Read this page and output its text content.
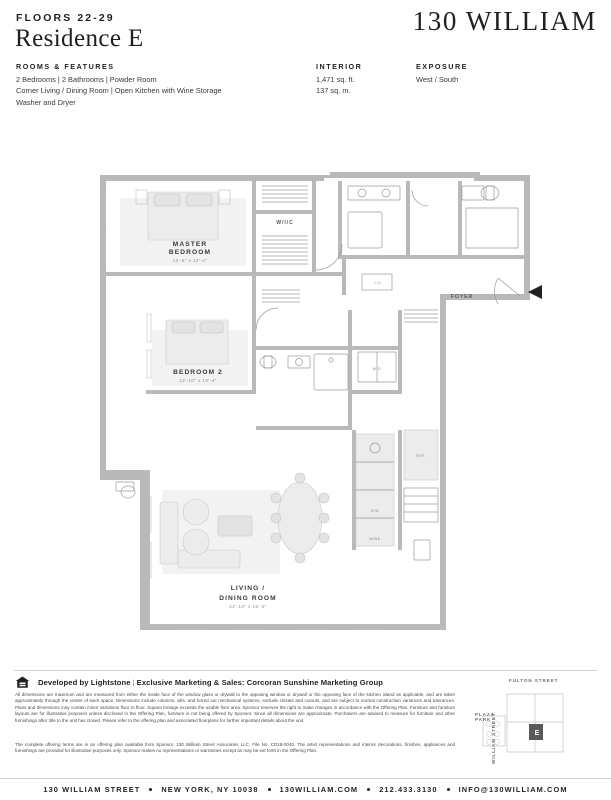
FLOORS 22-29
Residence E
130 WILLIAM
ROOMS & FEATURES
2 Bedrooms | 2 Bathrooms | Powder Room
Corner Living / Dining Room | Open Kitchen with Wine Storage
Washer and Dryer
INTERIOR
1,471 sq. ft.
137 sq. m.
EXPOSURE
West / South
MASTER
BEDROOM
13'-6" x 12'-4"
W/I/C
FOYER
L/C
BEDROOM 2
12'-10" x 10'-4"
W/D
D/W
WINE
REF.
LIVING /
DINING ROOM
22'-10" x 15'-2"
Developed by Lightstone | Exclusive Marketing & Sales: Corcoran Sunshine Marketing Group
All dimensions are maximum and are measured from either the inside face of the window glass or drywall to the opposing window or drywall or the opposing face of the kitchen island as applicable, and are taken approximately through the center of each space. Dimensions include columns, sills, and furred out mechanical systems, exclude closets and cutouts, and are subject to normal construction variances and tolerances. Plans and dimensions may contain minor variations floor to floor. Square footage exceeds the usable floor area. Sponsor reserves the right to make changes in accordance with the Offering Plan. Furniture and furniture layouts are for illustrative purposes unless disclosed in the Offering Plan, furniture is not being offered by Sponsor. Since all dimensions are approximate, Purchasers are advised to measure for furniture and other furnishings after title to the unit has closed. Please refer to the offering plan and associated floorplans for further important details about the unit.
The complete offering terms are in an offering plan available from Sponsor. 130 William Street Associates LLC. File No. CD18-0040. The artist representations and interior decorations, finishes, appliances and furnishings are provided for illustrative purposes only. Sponsor makes no representations or warranties except as may be set forth in the Offering Plan.
E
FULTON STREET
PLAZA PARK WILLIAM STREET
130 WILLIAM STREET	NEW YORK, NY 10038	130WILLIAM.COM	212.433.3130	INFO@130WILLIAM.COM
